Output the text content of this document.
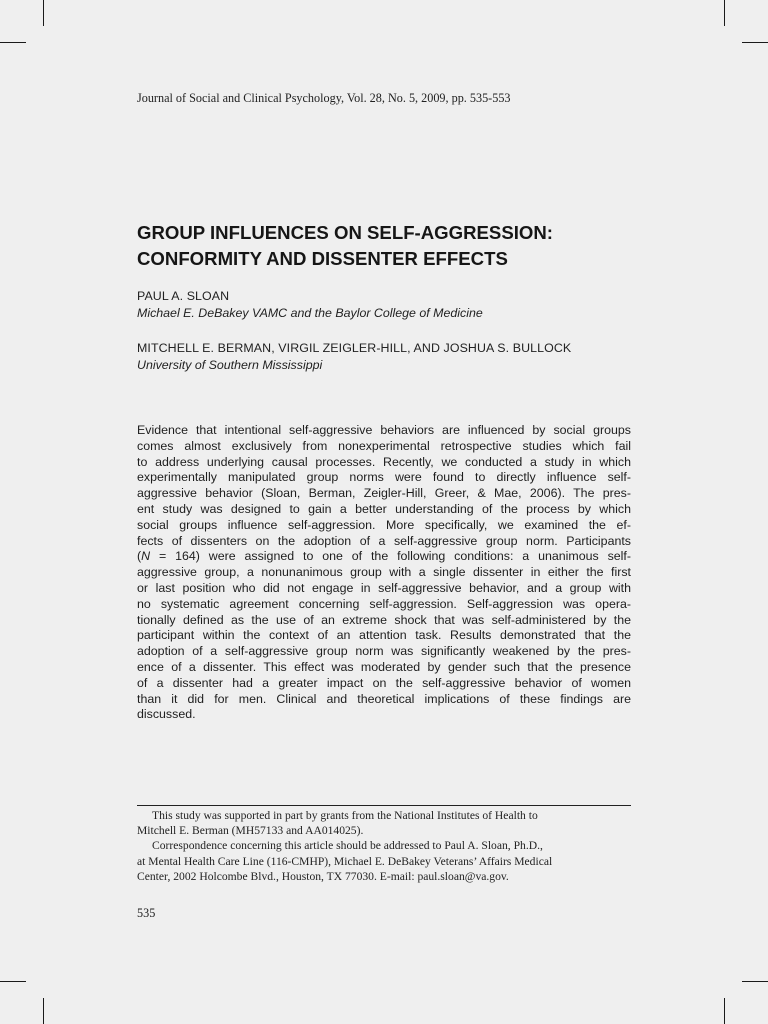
Journal of Social and Clinical Psychology, Vol. 28, No. 5, 2009, pp. 535-553
GROUP INFLUENCES ON SELF-AGGRESSION:
CONFORMITY AND DISSENTER EFFECTS
PAUL A. SLOAN
Michael E. DeBakey VAMC and the Baylor College of Medicine
MITCHELL E. BERMAN, VIRGIL ZEIGLER-HILL, AND JOSHUA S. BULLOCK
University of Southern Mississippi
Evidence that intentional self-aggressive behaviors are influenced by social groups
comes almost exclusively from nonexperimental retrospective studies which fail
to address underlying causal processes. Recently, we conducted a study in which
experimentally manipulated group norms were found to directly influence self-
aggressive behavior (Sloan, Berman, Zeigler-Hill, Greer, & Mae, 2006). The pres-
ent study was designed to gain a better understanding of the process by which
social groups influence self-aggression. More specifically, we examined the ef-
fects of dissenters on the adoption of a self-aggressive group norm. Participants
(N = 164) were assigned to one of the following conditions: a unanimous self-
aggressive group, a nonunanimous group with a single dissenter in either the first
or last position who did not engage in self-aggressive behavior, and a group with
no systematic agreement concerning self-aggression. Self-aggression was opera-
tionally defined as the use of an extreme shock that was self-administered by the
participant within the context of an attention task. Results demonstrated that the
adoption of a self-aggressive group norm was significantly weakened by the pres-
ence of a dissenter. This effect was moderated by gender such that the presence
of a dissenter had a greater impact on the self-aggressive behavior of women
than it did for men. Clinical and theoretical implications of these findings are
discussed.
This study was supported in part by grants from the National Institutes of Health to
Mitchell E. Berman (MH57133 and AA014025).
Correspondence concerning this article should be addressed to Paul A. Sloan, Ph.D.,
at Mental Health Care Line (116-CMHP), Michael E. DeBakey Veterans’ Affairs Medical
Center, 2002 Holcombe Blvd., Houston, TX 77030. E-mail: paul.sloan@va.gov.
535
